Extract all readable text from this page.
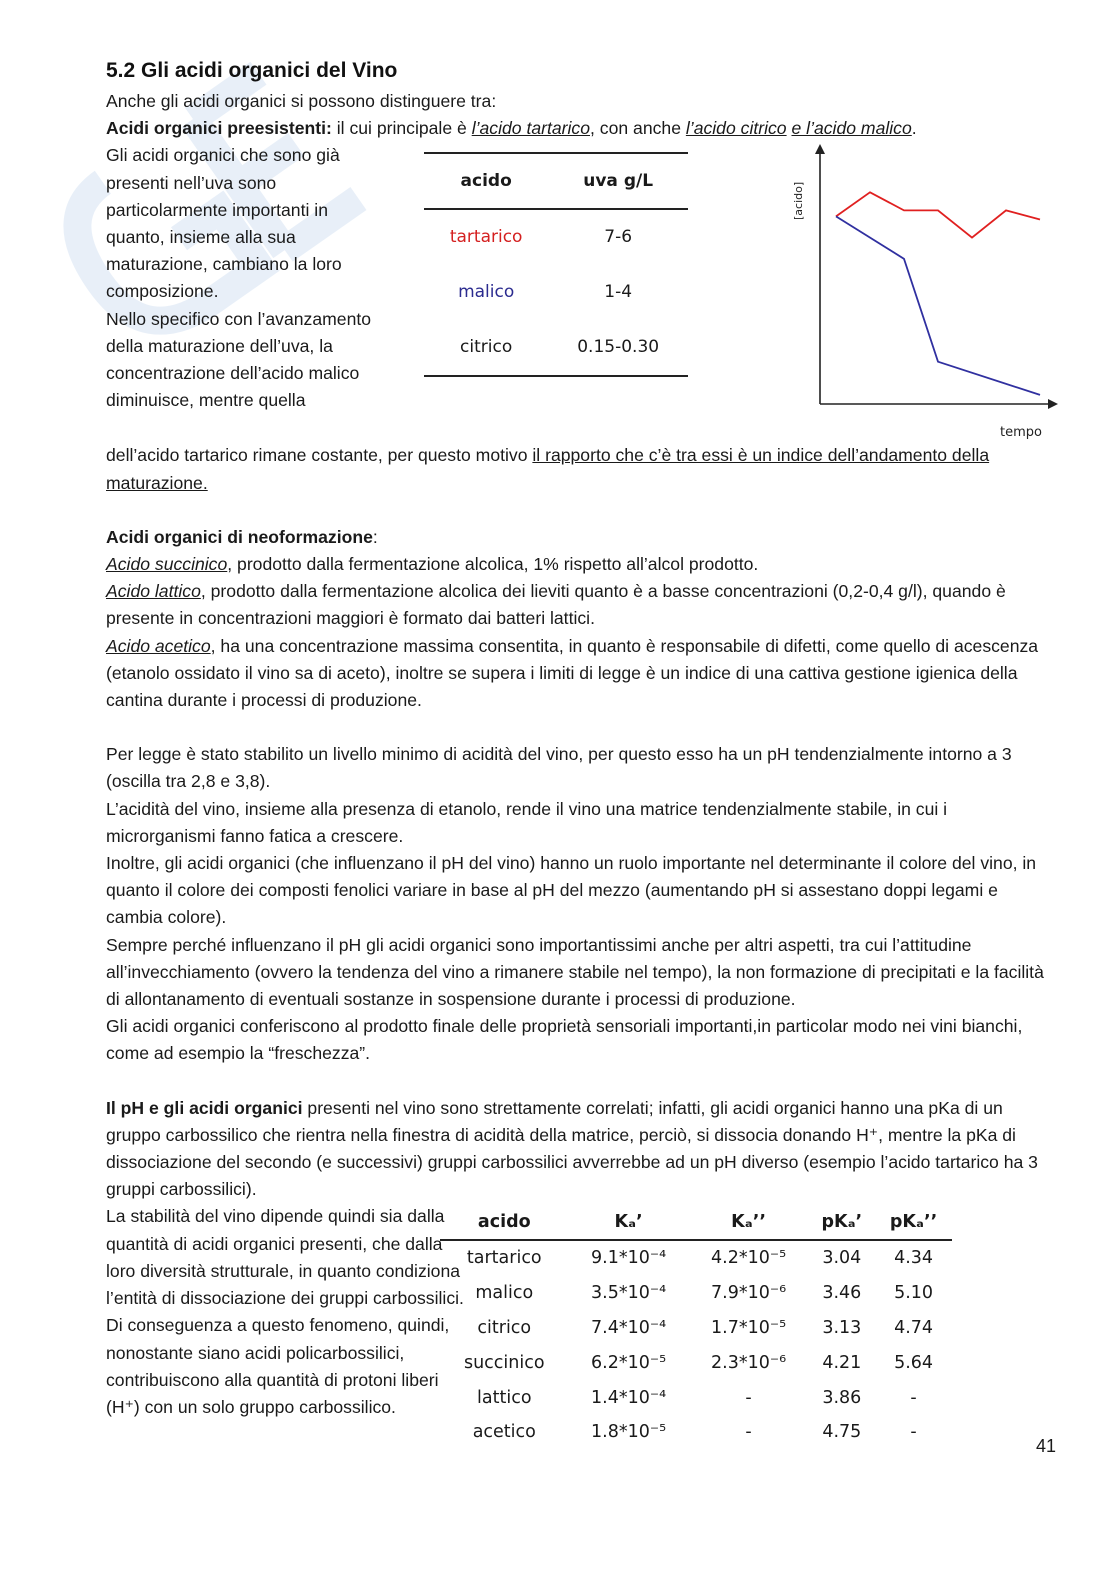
5.2 Gli acidi organici del Vino

Anche gli acidi organici si possono distinguere tra:

Acidi organici preesistenti: il cui principale è l’acido tartarico, con anche l’acido citrico e l’acido malico.

Gli acidi organici che sono già
presenti nell’uva sono
particolarmente importanti in
quanto, insieme alla sua
maturazione, cambiano la loro
composizione.
Nello specifico con l’avanzamento
della maturazione dell’uva, la
concentrazione dell’acido malico
diminuisce, mentre quella
acido	uva g/L
tartarico	7-6
malico	1-4
citrico	0.15-0.30
[acido]
tempo

dell’acido tartarico rimane costante, per questo motivo il rapporto che c’è tra essi è un indice dell’andamento della maturazione.

Acidi organici di neoformazione:

Acido succinico, prodotto dalla fermentazione alcolica, 1% rispetto all’alcol prodotto.

Acido lattico, prodotto dalla fermentazione alcolica dei lieviti quanto è a basse concentrazioni (0,2-0,4 g/l), quando è presente in concentrazioni maggiori è formato dai batteri lattici.

Acido acetico, ha una concentrazione massima consentita, in quanto è responsabile di difetti, come quello di acescenza (etanolo ossidato il vino sa di aceto), inoltre se supera i limiti di legge è un indice di una cattiva gestione igienica della cantina durante i processi di produzione.

Per legge è stato stabilito un livello minimo di acidità del vino, per questo esso ha un pH tendenzialmente intorno a 3 (oscilla tra 2,8 e 3,8).

L’acidità del vino, insieme alla presenza di etanolo, rende il vino una matrice tendenzialmente stabile, in cui i microrganismi fanno fatica a crescere.

Inoltre, gli acidi organici (che influenzano il pH del vino) hanno un ruolo importante nel determinante il colore del vino, in quanto il colore dei composti fenolici variare in base al pH del mezzo (aumentando pH si assestano doppi legami e cambia colore).

Sempre perché influenzano il pH gli acidi organici sono importantissimi anche per altri aspetti, tra cui l’attitudine all’invecchiamento (ovvero la tendenza del vino a rimanere stabile nel tempo), la non formazione di precipitati e la facilità di allontanamento di eventuali sostanze in sospensione durante i processi di produzione.

Gli acidi organici conferiscono al prodotto finale delle proprietà sensoriali importanti,in particolar modo nei vini bianchi, come ad esempio la “freschezza”.

Il pH e gli acidi organici presenti nel vino sono strettamente correlati; infatti, gli acidi organici hanno una pKa di un gruppo carbossilico che rientra nella finestra di acidità della matrice, perciò, si dissocia donando H⁺, mentre la pKa di dissociazione del secondo (e successivi) gruppi carbossilici avverrebbe ad un pH diverso (esempio l’acido tartarico ha 3 gruppi carbossilici).

La stabilità del vino dipende quindi sia dalla
quantità di acidi organici presenti, che dalla
loro diversità strutturale, in quanto condiziona
l’entità di dissociazione dei gruppi carbossilici.
Di conseguenza a questo fenomeno, quindi,
nonostante siano acidi policarbossilici,
contribuiscono alla quantità di protoni liberi
(H⁺) con un solo gruppo carbossilico.
acido	Kₐ’	Kₐ’’	pKₐ’	pKₐ’’
tartarico	9.1*10⁻⁴	4.2*10⁻⁵	3.04	4.34
malico	3.5*10⁻⁴	7.9*10⁻⁶	3.46	5.10
citrico	7.4*10⁻⁴	1.7*10⁻⁵	3.13	4.74
succinico	6.2*10⁻⁵	2.3*10⁻⁶	4.21	5.64
lattico	1.4*10⁻⁴	-	3.86	-
acetico	1.8*10⁻⁵	-	4.75	-
41
